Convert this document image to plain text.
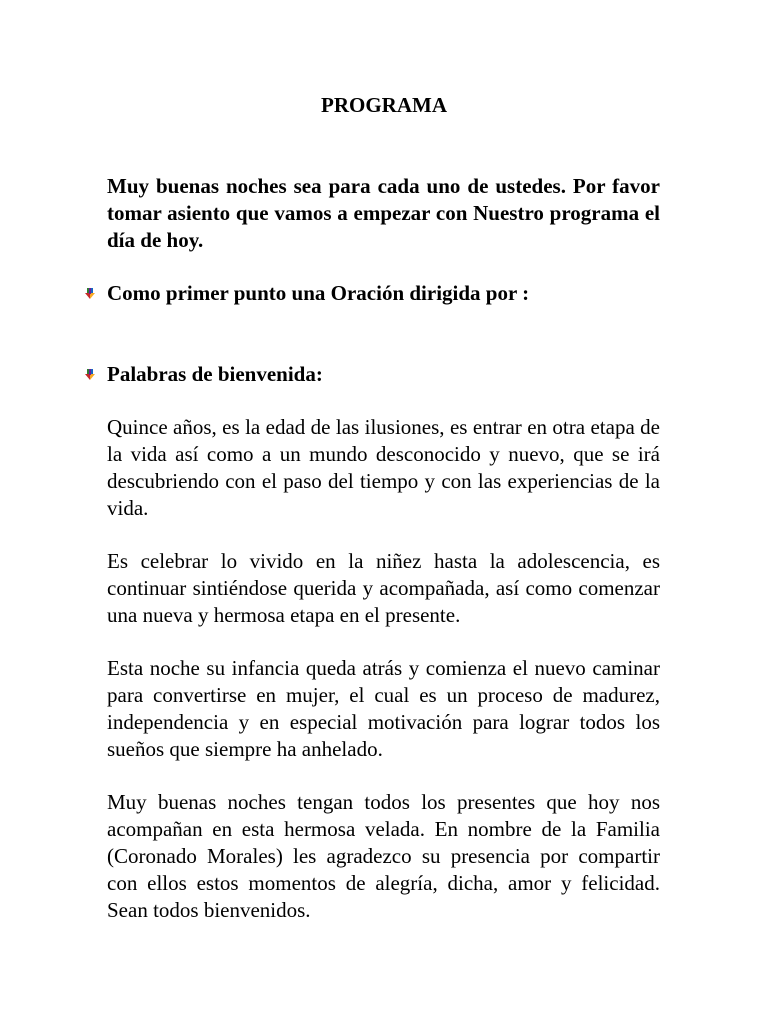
PROGRAMA

Muy buenas noches sea para cada uno de ustedes. Por favor tomar asiento que vamos a empezar con Nuestro programa el día de hoy.

Como primer punto una Oración dirigida por :

Palabras de bienvenida:

Quince años, es la edad de las ilusiones, es entrar en otra etapa de la vida así como a un mundo desconocido y nuevo, que se irá descubriendo con el paso del tiempo y con las experiencias de la vida.

Es celebrar lo vivido en la niñez hasta la adolescencia, es continuar sintiéndose querida y acompañada, así como comenzar una nueva y hermosa etapa en el presente.

Esta noche su infancia queda atrás y comienza el nuevo caminar para convertirse en mujer, el cual es un proceso de madurez, independencia y en especial motivación para lograr todos los sueños que siempre ha anhelado.

Muy buenas noches tengan todos los presentes que hoy nos acompañan en esta hermosa velada. En nombre de la Familia (Coronado Morales) les agradezco su presencia por compartir con ellos estos momentos de alegría, dicha, amor y felicidad. Sean todos bienvenidos.
